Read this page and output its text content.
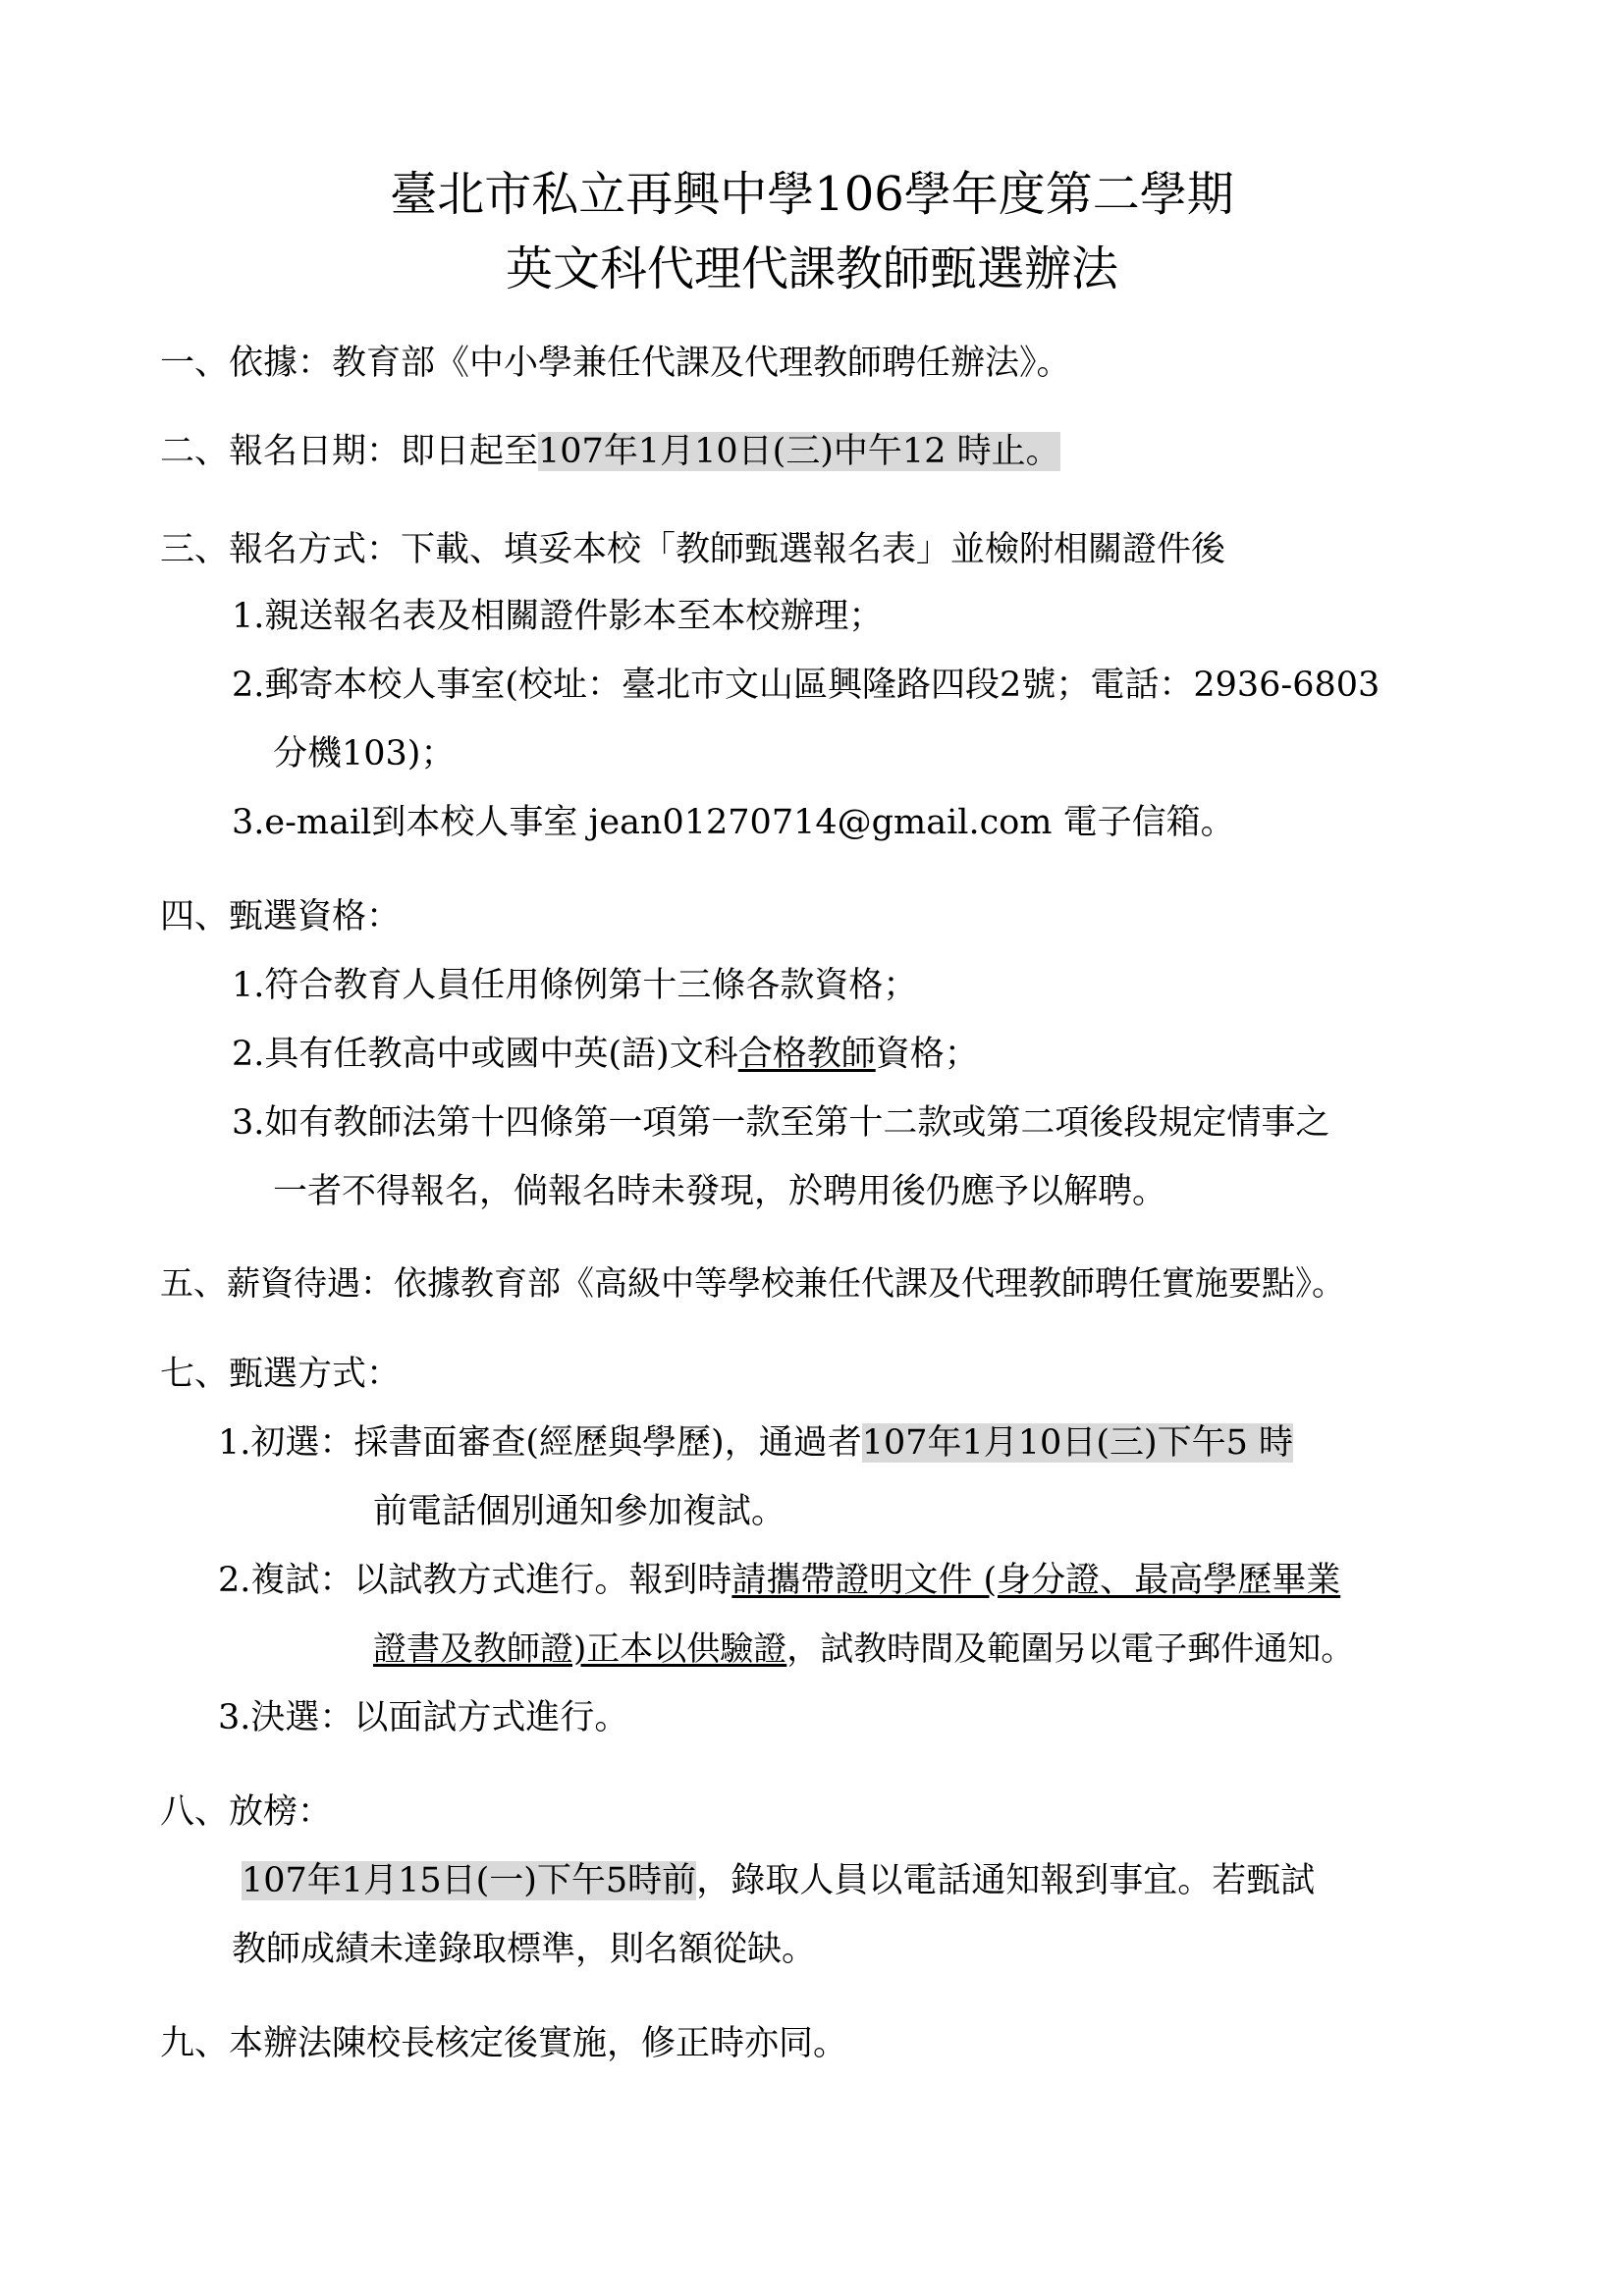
臺北市私立再興中學106學年度第二學期
英文科代理代課教師甄選辦法
一、依據：教育部《中小學兼任代課及代理教師聘任辦法》。
二、報名日期：即日起至107年1月10日(三)中午12 時止。
三、報名方式：下載、填妥本校「教師甄選報名表」並檢附相關證件後
1.親送報名表及相關證件影本至本校辦理；
2.郵寄本校人事室(校址：臺北市文山區興隆路四段2號；電話：2936-6803
分機103)；
3.e-mail到本校人事室 jean01270714@gmail.com 電子信箱。
四、甄選資格：
1.符合教育人員任用條例第十三條各款資格；
2.具有任教高中或國中英(語)文科合格教師資格；
3.如有教師法第十四條第一項第一款至第十二款或第二項後段規定情事之
一者不得報名，倘報名時未發現，於聘用後仍應予以解聘。
五、薪資待遇：依據教育部《高級中等學校兼任代課及代理教師聘任實施要點》。
七、甄選方式：
1.初選：採書面審查(經歷與學歷)，通過者107年1月10日(三)下午5 時
前電話個別通知參加複試。
2.複試：以試教方式進行。報到時請攜帶證明文件 (身分證、最高學歷畢業
證書及教師證)正本以供驗證，試教時間及範圍另以電子郵件通知。
3.決選：以面試方式進行。
八、放榜：
107年1月15日(一)下午5時前，錄取人員以電話通知報到事宜。若甄試
教師成績未達錄取標準，則名額從缺。
九、本辦法陳校長核定後實施，修正時亦同。
